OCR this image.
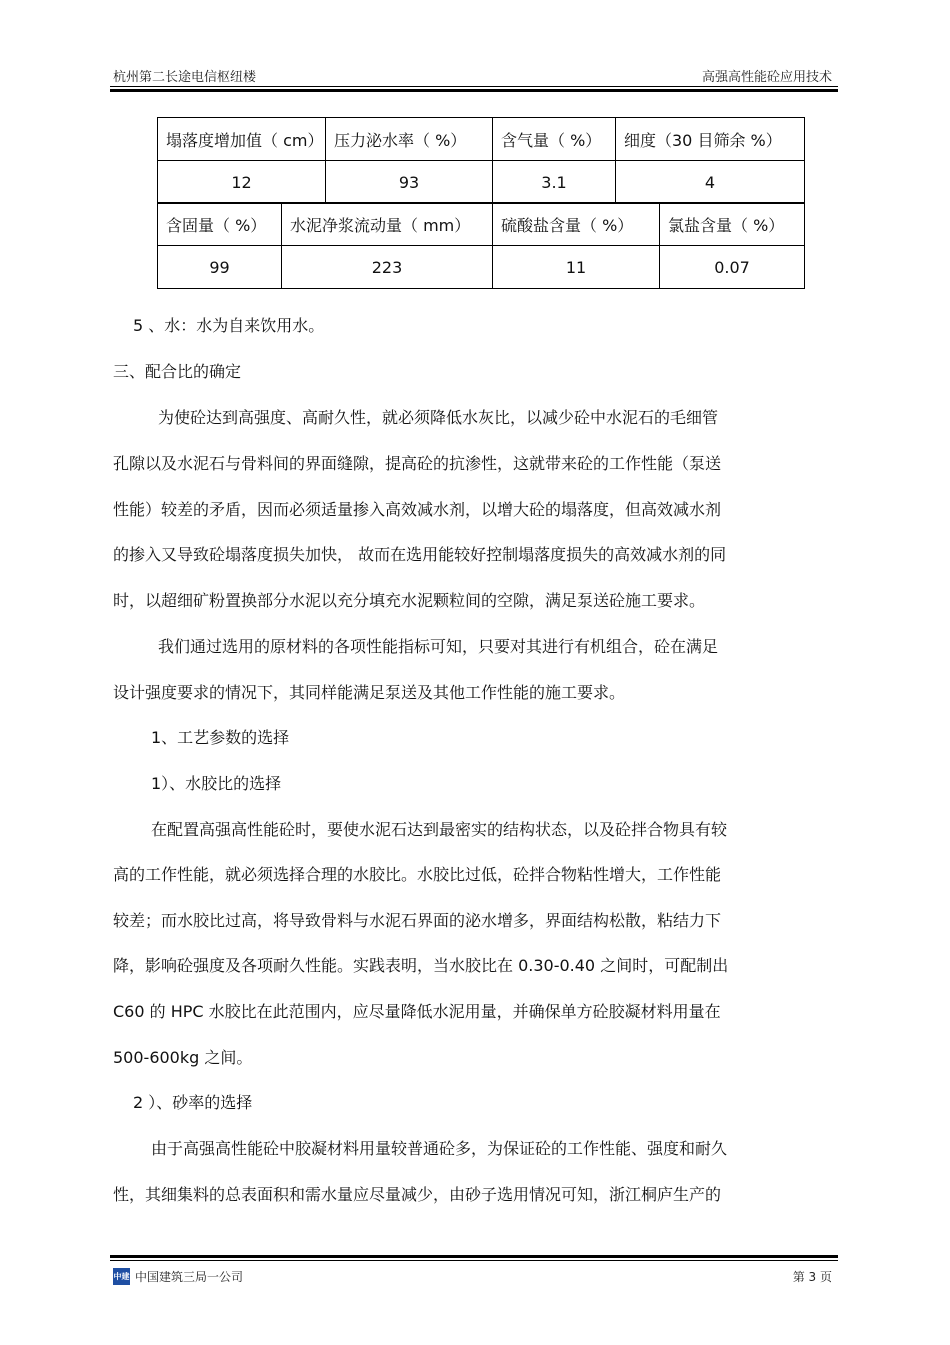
杭州第二长途电信枢纽楼	高强高性能砼应用技术
塌落度增加值（ cm）	压力泌水率（ %）	含气量（ %）	细度（30 目筛余 %）
12	93	3.1	4
含固量（ %）	水泥净浆流动量（ mm）	硫酸盐含量（ %）	氯盐含量（ %）
99	223	11	0.07
5 、水：水为自来饮用水。
三、配合比的确定
为使砼达到高强度、高耐久性，就必须降低水灰比，以减少砼中水泥石的毛细管
孔隙以及水泥石与骨料间的界面缝隙，提高砼的抗渗性，这就带来砼的工作性能（泵送
性能）较差的矛盾，因而必须适量掺入高效减水剂，以增大砼的塌落度，但高效减水剂
的掺入又导致砼塌落度损失加快， 故而在选用能较好控制塌落度损失的高效减水剂的同
时，以超细矿粉置换部分水泥以充分填充水泥颗粒间的空隙，满足泵送砼施工要求。
我们通过选用的原材料的各项性能指标可知，只要对其进行有机组合，砼在满足
设计强度要求的情况下，其同样能满足泵送及其他工作性能的施工要求。
1、工艺参数的选择
1）、水胶比的选择
在配置高强高性能砼时，要使水泥石达到最密实的结构状态，以及砼拌合物具有较
高的工作性能，就必须选择合理的水胶比。水胶比过低，砼拌合物粘性增大，工作性能
较差；而水胶比过高，将导致骨料与水泥石界面的泌水增多，界面结构松散，粘结力下
降，影响砼强度及各项耐久性能。实践表明，当水胶比在 0.30-0.40 之间时，可配制出
C60 的 HPC 水胶比在此范围内，应尽量降低水泥用量，并确保单方砼胶凝材料用量在
500-600kg 之间。
2 ）、砂率的选择
由于高强高性能砼中胶凝材料用量较普通砼多，为保证砼的工作性能、强度和耐久
性，其细集料的总表面积和需水量应尽量减少，由砂子选用情况可知，浙江桐庐生产的
中建 中国建筑三局一公司	第 3 页
